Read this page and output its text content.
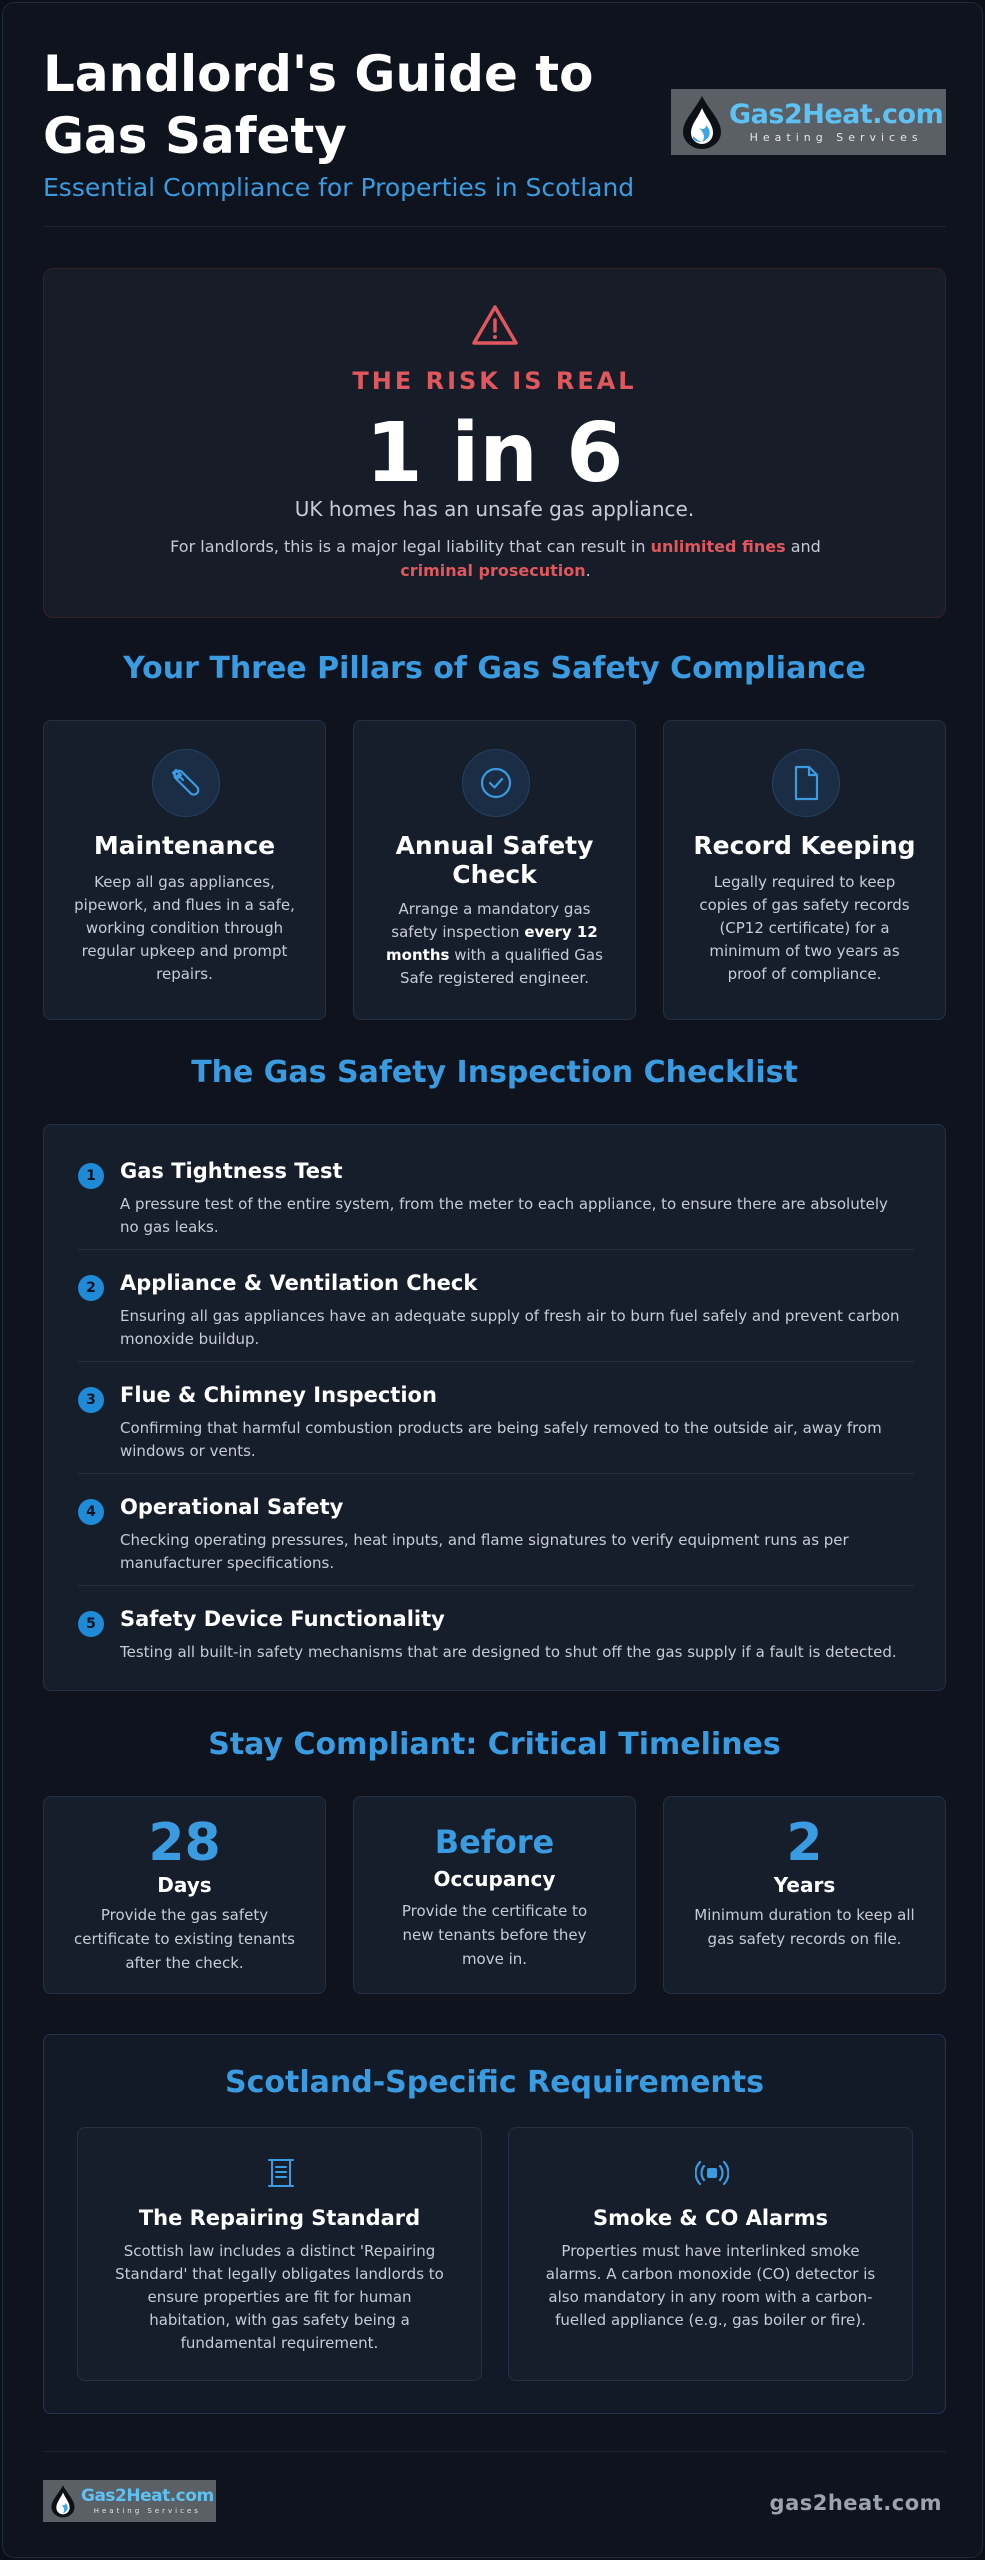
Landlord's Guide to Gas Safety
Essential Compliance for Properties in Scotland
Gas2Heat.com
Heating Services
THE RISK IS REAL
1 in 6
UK homes has an unsafe gas appliance.
For landlords, this is a major legal liability that can result in unlimited fines and criminal prosecution.
Your Three Pillars of Gas Safety Compliance
Maintenance
Keep all gas appliances, pipework, and flues in a safe, working condition through regular upkeep and prompt repairs.
Annual Safety Check
Arrange a mandatory gas safety inspection every 12 months with a qualified Gas Safe registered engineer.
Record Keeping
Legally required to keep copies of gas safety records (CP12 certificate) for a minimum of two years as proof of compliance.
The Gas Safety Inspection Checklist
1	Gas Tightness Test
A pressure test of the entire system, from the meter to each appliance, to ensure there are absolutely no gas leaks.
2	Appliance & Ventilation Check
Ensuring all gas appliances have an adequate supply of fresh air to burn fuel safely and prevent carbon monoxide buildup.
3	Flue & Chimney Inspection
Confirming that harmful combustion products are being safely removed to the outside air, away from windows or vents.
4	Operational Safety
Checking operating pressures, heat inputs, and flame signatures to verify equipment runs as per manufacturer specifications.
5	Safety Device Functionality
Testing all built-in safety mechanisms that are designed to shut off the gas supply if a fault is detected.
Stay Compliant: Critical Timelines
28
Days
Provide the gas safety certificate to existing tenants after the check.
Before
Occupancy
Provide the certificate to new tenants before they move in.
2
Years
Minimum duration to keep all gas safety records on file.
Scotland-Specific Requirements
The Repairing Standard
Scottish law includes a distinct 'Repairing Standard' that legally obligates landlords to ensure properties are fit for human habitation, with gas safety being a fundamental requirement.
Smoke & CO Alarms
Properties must have interlinked smoke alarms. A carbon monoxide (CO) detector is also mandatory in any room with a carbon-fuelled appliance (e.g., gas boiler or fire).
Gas2Heat.com
Heating Services	gas2heat.com
